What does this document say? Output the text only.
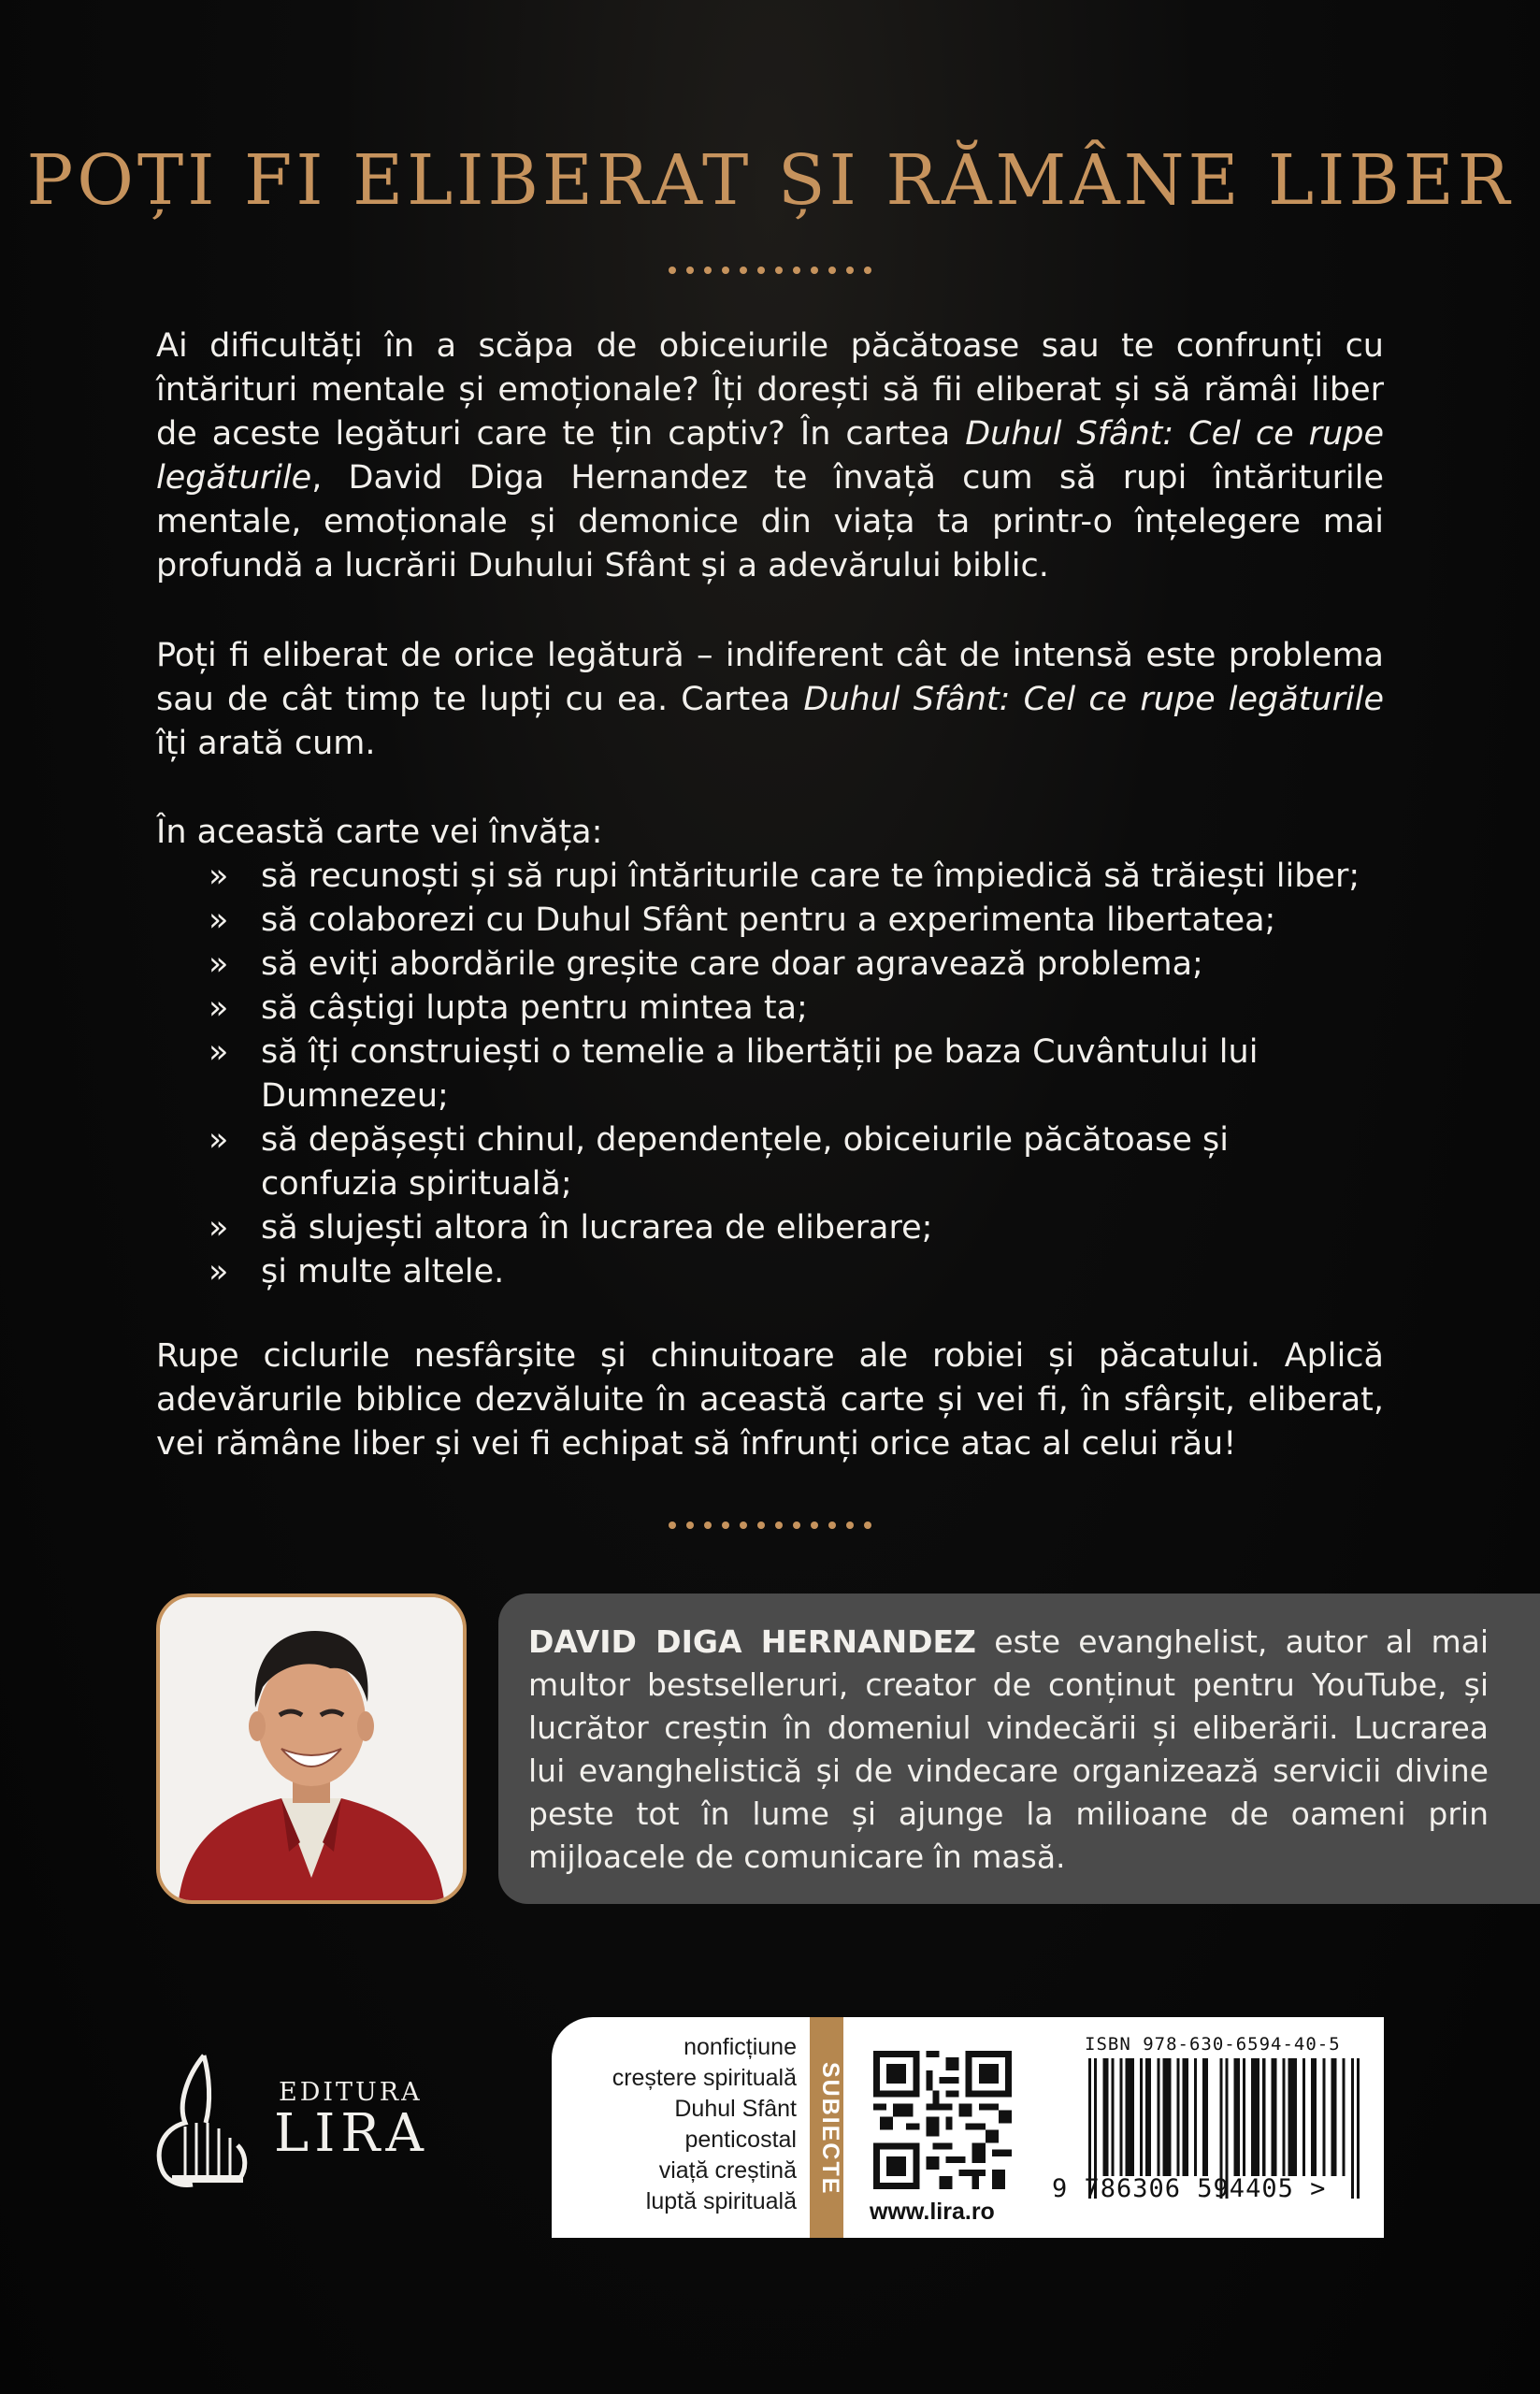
POȚI FI ELIBERAT ȘI RĂMÂNE LIBER

Ai dificultăți în a scăpa de obiceiurile păcătoase sau te confrunți cu întărituri mentale și emoționale? Îți dorești să fii eliberat și să rămâi liber de aceste legături care te țin captiv? În cartea Duhul Sfânt: Cel ce rupe legăturile, David Diga Hernandez te învață cum să rupi întăriturile mentale, emoționale și demonice din viața ta printr-o înțelegere mai profundă a lucrării Duhului Sfânt și a adevărului biblic.

Poți fi eliberat de orice legătură – indiferent cât de intensă este problema sau de cât timp te lupți cu ea. Cartea Duhul Sfânt: Cel ce rupe legăturile îți arată cum.

În această carte vei învăța:

» să recunoști și să rupi întăriturile care te împiedică să trăiești liber;
» să colaborezi cu Duhul Sfânt pentru a experimenta libertatea;
» să eviți abordările greșite care doar agravează problema;
» să câștigi lupta pentru mintea ta;
» să îți construiești o temelie a libertății pe baza Cuvântului lui Dumnezeu;
» să depășești chinul, dependențele, obiceiurile păcătoase și confuzia spirituală;
» să slujești altora în lucrarea de eliberare;
» și multe altele.

Rupe ciclurile nesfârșite și chinuitoare ale robiei și păcatului. Aplică adevărurile biblice dezvăluite în această carte și vei fi, în sfârșit, eliberat, vei rămâne liber și vei fi echipat să înfrunți orice atac al celui rău!

DAVID DIGA HERNANDEZ este evanghelist, autor al mai multor bestselleruri, creator de conținut pentru YouTube, și lucrător creștin în domeniul vindecării și eliberării. Lucrarea lui evanghelistică și de vindecare organizează servicii divine peste tot în lume și ajunge la milioane de oameni prin mijloacele de comunicare în masă.

EDITURA
LIRA
nonficțiune
creștere spirituală
Duhul Sfânt
penticostal
viață creștină
luptă spirituală
SUBIECTE
www.lira.ro
ISBN 978-630-6594-40-5
9 786306 594405 >
